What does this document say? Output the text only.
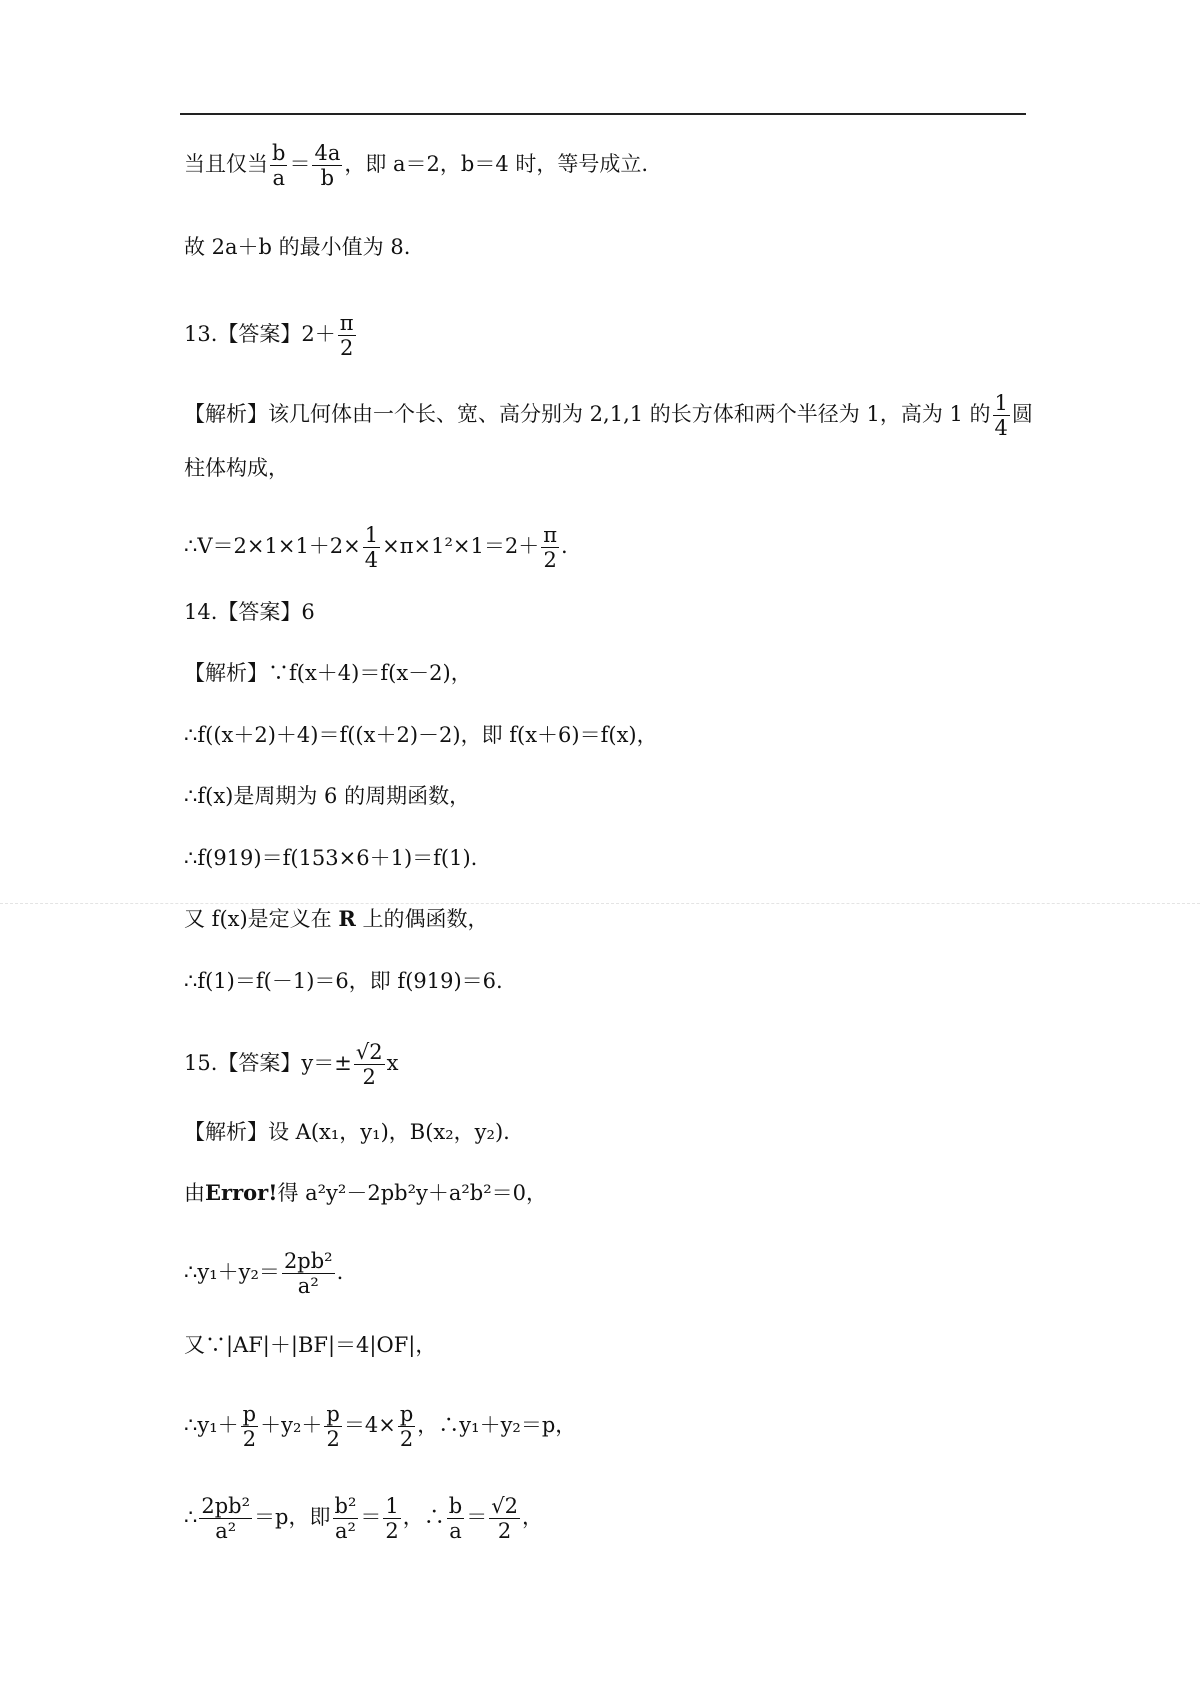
当且仅当 $\frac{b}{a} = \frac{4a}{b}$ ，即 a＝2，b＝4 时，等号成立.
故 2a＋b 的最小值为 8.
13.【答案】$2+ \frac{\pi}{2}$
【解析】该几何体由一个长、宽、高分别为 2,1,1 的长方体和两个半径为 1，高为 1 的 $\frac{1}{4}$ 圆
柱体构成，
∴V＝2×1×1＋2× $\frac{1}{4} \times\pi\times 1^2\times 1=2+ \frac{\pi}{2}$ .
14.【答案】6
【解析】∵f(x＋4)＝f(x－2)，
∴f((x＋2)＋4)＝f((x＋2)－2)，即 f(x＋6)＝f(x)，
∴f(x)是周期为 6 的周期函数，
∴f(919)＝f(153×6＋1)＝f(1).
又 f(x)是定义在 R 上的偶函数，
∴f(1)＝f(－1)＝6，即 f(919)＝6.
15.【答案】$y=\pm \frac{√2}{2}$ x
【解析】设 A(x₁，y₁)，B(x₂，y₂).
由Error!得 a²y²－2pb²y＋a²b²＝0，
∴y₁＋y₂＝ $\frac{\text{2pb²}}{\text{a²}}$ .
又∵|AF|＋|BF|＝4|OF|，
∴y₁＋ $\frac{p}{2} +y_2+ \frac{p}{2} =4\times \frac{p}{2}$ ，∴y₁＋y₂＝p，
∴ $\frac{\text{2pb²}}{\text{a²}} =p$，即 $\frac{\text{b²}}{\text{a²}} = \frac{1}{2}$ ，∴ $\frac{b}{a} = \frac{√2}{2}$ ，
